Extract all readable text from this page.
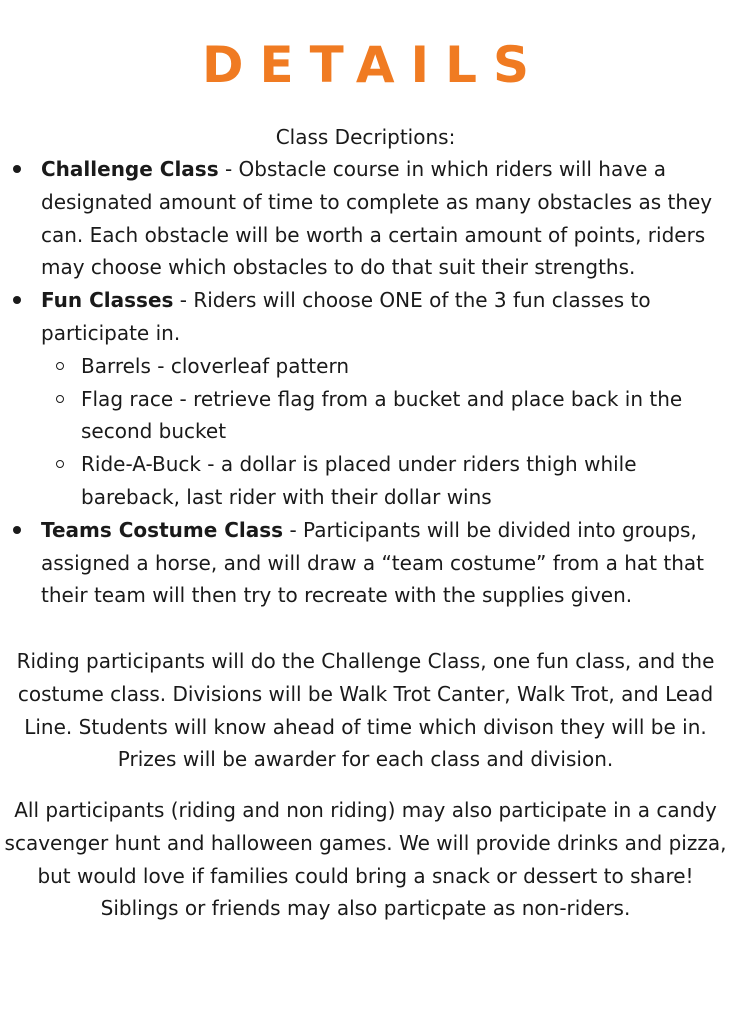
DETAILS
Class Decriptions:
Challenge Class - Obstacle course in which riders will have a designated amount of time to complete as many obstacles as they can. Each obstacle will be worth a certain amount of points, riders may choose which obstacles to do that suit their strengths.
Fun Classes - Riders will choose ONE of the 3 fun classes to participate in.
Barrels - cloverleaf pattern
Flag race - retrieve flag from a bucket and place back in the second bucket
Ride-A-Buck - a dollar is placed under riders thigh while bareback, last rider with their dollar wins
Teams Costume Class - Participants will be divided into groups, assigned a horse, and will draw a “team costume” from a hat that their team will then try to recreate with the supplies given.

Riding participants will do the Challenge Class, one fun class, and the costume class. Divisions will be Walk Trot Canter, Walk Trot, and Lead Line. Students will know ahead of time which divison they will be in. Prizes will be awarder for each class and division.

All participants (riding and non riding) may also participate in a candy scavenger hunt and halloween games. We will provide drinks and pizza, but would love if families could bring a snack or dessert to share! Siblings or friends may also particpate as non-riders.
